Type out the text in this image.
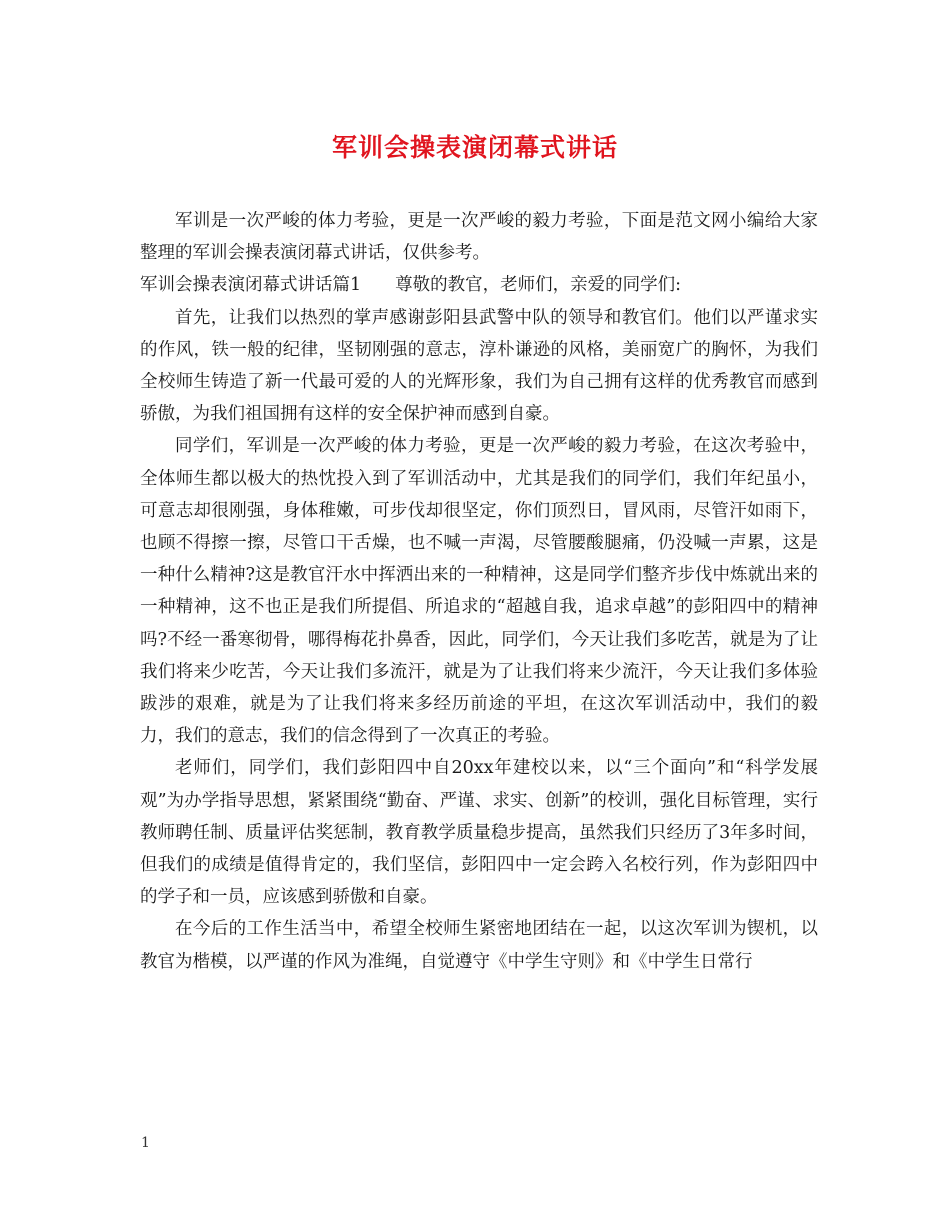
军训会操表演闭幕式讲话

军训是一次严峻的体力考验，更是一次严峻的毅力考验，下面是范文网小编给大家整理的军训会操表演闭幕式讲话，仅供参考。

军训会操表演闭幕式讲话篇1 尊敬的教官，老师们，亲爱的同学们:

首先，让我们以热烈的掌声感谢彭阳县武警中队的领导和教官们。他们以严谨求实的作风，铁一般的纪律，坚韧刚强的意志，淳朴谦逊的风格，美丽宽广的胸怀，为我们全校师生铸造了新一代最可爱的人的光辉形象，我们为自己拥有这样的优秀教官而感到骄傲，为我们祖国拥有这样的安全保护神而感到自豪。

同学们，军训是一次严峻的体力考验，更是一次严峻的毅力考验，在这次考验中，全体师生都以极大的热忱投入到了军训活动中，尤其是我们的同学们，我们年纪虽小，可意志却很刚强，身体稚嫩，可步伐却很坚定，你们顶烈日，冒风雨，尽管汗如雨下，也顾不得擦一擦，尽管口干舌燥，也不喊一声渴，尽管腰酸腿痛，仍没喊一声累，这是一种什么精神?这是教官汗水中挥洒出来的一种精神，这是同学们整齐步伐中炼就出来的一种精神，这不也正是我们所提倡、所追求的“超越自我，追求卓越”的彭阳四中的精神吗?不经一番寒彻骨，哪得梅花扑鼻香，因此，同学们，今天让我们多吃苦，就是为了让我们将来少吃苦，今天让我们多流汗，就是为了让我们将来少流汗，今天让我们多体验跋涉的艰难，就是为了让我们将来多经历前途的平坦，在这次军训活动中，我们的毅力，我们的意志，我们的信念得到了一次真正的考验。

老师们，同学们，我们彭阳四中自20xx年建校以来，以“三个面向”和“科学发展观”为办学指导思想，紧紧围绕“勤奋、严谨、求实、创新”的校训，强化目标管理，实行教师聘任制、质量评估奖惩制，教育教学质量稳步提高，虽然我们只经历了3年多时间，但我们的成绩是值得肯定的，我们坚信，彭阳四中一定会跨入名校行列，作为彭阳四中的学子和一员，应该感到骄傲和自豪。

在今后的工作生活当中，希望全校师生紧密地团结在一起，以这次军训为锲机，以教官为楷模，以严谨的作风为准绳，自觉遵守《中学生守则》和《中学生日常行

1
